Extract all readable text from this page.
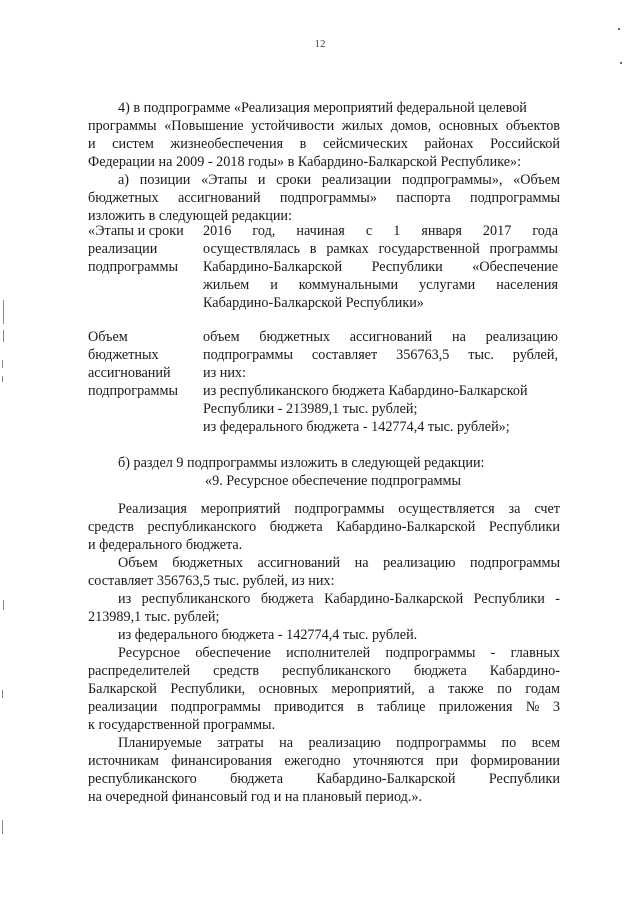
12
4) в подпрограмме «Реализация мероприятий федеральной целевой
программы «Повышение устойчивости жилых домов, основных объектов
и систем жизнеобеспечения в сейсмических районах Российской
Федерации на 2009 - 2018 годы» в Кабардино-Балкарской Республике»:
а) позиции «Этапы и сроки реализации подпрограммы», «Объем
бюджетных ассигнований подпрограммы» паспорта подпрограммы
изложить в следующей редакции:
«Этапы и сроки
реализации
подпрограммы
2016 год, начиная с 1 января 2017 года
осуществлялась в рамках государственной программы
Кабардино-Балкарской Республики «Обеспечение
жильем и коммунальными услугами населения
Кабардино-Балкарской Республики»
Объем
бюджетных
ассигнований
подпрограммы
объем бюджетных ассигнований на реализацию
подпрограммы составляет 356763,5 тыс. рублей,
из них:
из республиканского бюджета Кабардино-Балкарской
Республики - 213989,1 тыс. рублей;
из федерального бюджета - 142774,4 тыс. рублей»;
б) раздел 9 подпрограммы изложить в следующей редакции:
«9. Ресурсное обеспечение подпрограммы
Реализация мероприятий подпрограммы осуществляется за счет
средств республиканского бюджета Кабардино-Балкарской Республики
и федерального бюджета.
Объем бюджетных ассигнований на реализацию подпрограммы
составляет 356763,5 тыс. рублей, из них:
из республиканского бюджета Кабардино-Балкарской Республики -
213989,1 тыс. рублей;
из федерального бюджета - 142774,4 тыс. рублей.
Ресурсное обеспечение исполнителей подпрограммы - главных
распределителей средств республиканского бюджета Кабардино-
Балкарской Республики, основных мероприятий, а также по годам
реализации подпрограммы приводится в таблице приложения № 3
к государственной программы.
Планируемые затраты на реализацию подпрограммы по всем
источникам финансирования ежегодно уточняются при формировании
республиканского бюджета Кабардино-Балкарской Республики
на очередной финансовый год и на плановый период.».
